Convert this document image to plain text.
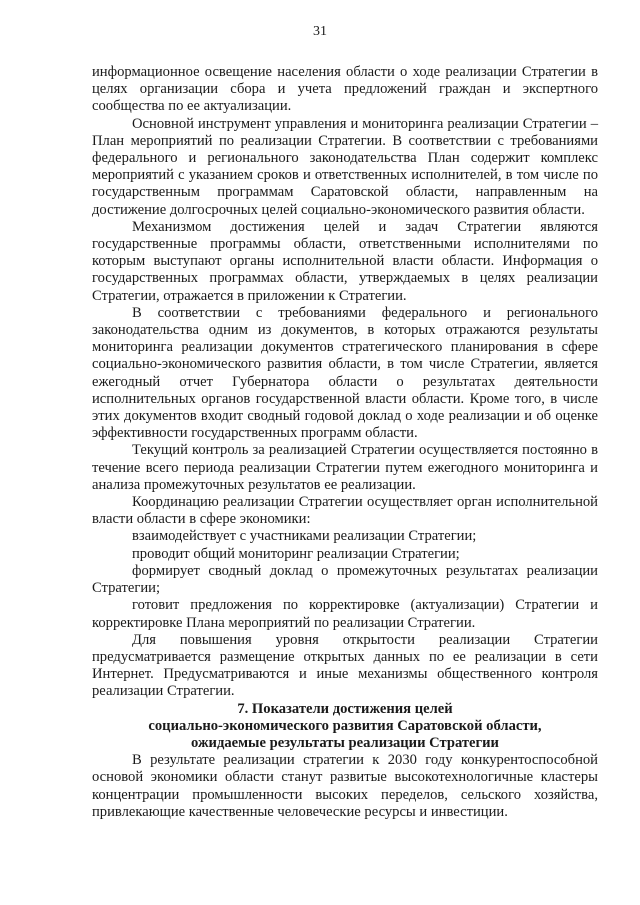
31

информационное освещение населения области о ходе реализации Стратегии в целях организации сбора и учета предложений граждан и экспертного сообщества по ее актуализации.

Основной инструмент управления и мониторинга реализации Стратегии – План мероприятий по реализации Стратегии. В соответствии с требованиями федерального и регионального законодательства План содержит комплекс мероприятий с указанием сроков и ответственных исполнителей, в том числе по государственным программам Саратовской области, направленным на достижение долгосрочных целей социально-экономического развития области.

Механизмом достижения целей и задач Стратегии являются государственные программы области, ответственными исполнителями по которым выступают органы исполнительной власти области. Информация о государственных программах области, утверждаемых в целях реализации Стратегии, отражается в приложении к Стратегии.

В соответствии с требованиями федерального и регионального законодательства одним из документов, в которых отражаются результаты мониторинга реализации документов стратегического планирования в сфере социально-экономического развития области, в том числе Стратегии, является ежегодный отчет Губернатора области о результатах деятельности исполнительных органов государственной власти области. Кроме того, в числе этих документов входит сводный годовой доклад о ходе реализации и об оценке эффективности государственных программ области.

Текущий контроль за реализацией Стратегии осуществляется постоянно в течение всего периода реализации Стратегии путем ежегодного мониторинга и анализа промежуточных результатов ее реализации.

Координацию реализации Стратегии осуществляет орган исполнительной власти области в сфере экономики:

взаимодействует с участниками реализации Стратегии;

проводит общий мониторинг реализации Стратегии;

формирует сводный доклад о промежуточных результатах реализации Стратегии;

готовит предложения по корректировке (актуализации) Стратегии и корректировке Плана мероприятий по реализации Стратегии.

Для повышения уровня открытости реализации Стратегии предусматривается размещение открытых данных по ее реализации в сети Интернет. Предусматриваются и иные механизмы общественного контроля реализации Стратегии.

7. Показатели достижения целей
социально-экономического развития Саратовской области,
ожидаемые результаты реализации Стратегии

В результате реализации стратегии к 2030 году конкурентоспособной основой экономики области станут развитые высокотехнологичные кластеры концентрации промышленности высоких переделов, сельского хозяйства, привлекающие качественные человеческие ресурсы и инвестиции.
